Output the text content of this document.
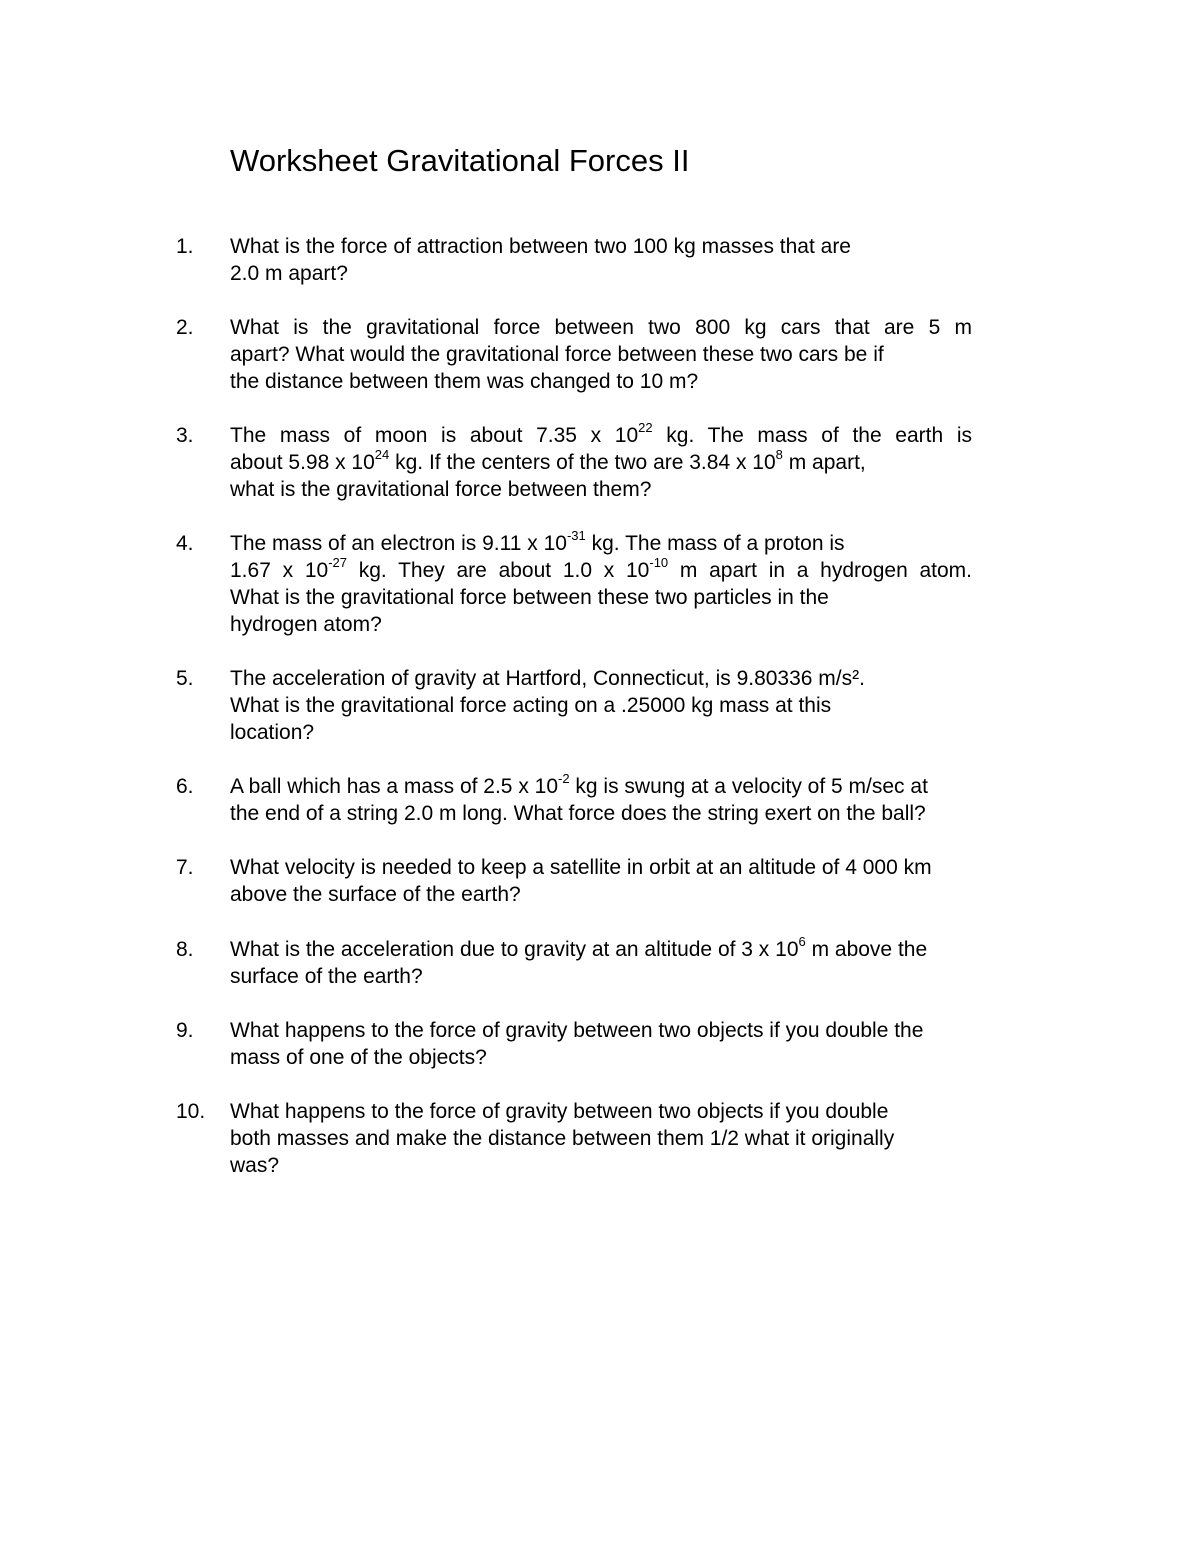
Worksheet Gravitational Forces II
1. What is the force of attraction between two 100 kg masses that are
2.0 m apart?
2. What is the gravitational force between two 800 kg cars that are 5 m
apart? What would the gravitational force between these two cars be if
the distance between them was changed to 10 m?
3. The mass of moon is about 7.35 x $10^{22}$ kg. The mass of the earth is
about 5.98 x $10^{24}$ kg. If the centers of the two are 3.84 x $10^8$ m apart,
what is the gravitational force between them?
4. The mass of an electron is 9.11 x $10^{-31}$ kg. The mass of a proton is
1.67 x $10^{-27}$ kg. They are about 1.0 x $10^{-10}$ m apart in a hydrogen atom.
What is the gravitational force between these two particles in the
hydrogen atom?
5. The acceleration of gravity at Hartford, Connecticut, is 9.80336 m/s².
What is the gravitational force acting on a .25000 kg mass at this
location?
6. A ball which has a mass of 2.5 x $10^{-2}$ kg is swung at a velocity of 5 m/sec at
the end of a string 2.0 m long. What force does the string exert on the ball?
7. What velocity is needed to keep a satellite in orbit at an altitude of 4 000 km
above the surface of the earth?
8. What is the acceleration due to gravity at an altitude of 3 x $10^6$ m above the
surface of the earth?
9. What happens to the force of gravity between two objects if you double the
mass of one of the objects?
10. What happens to the force of gravity between two objects if you double
both masses and make the distance between them 1/2 what it originally
was?
